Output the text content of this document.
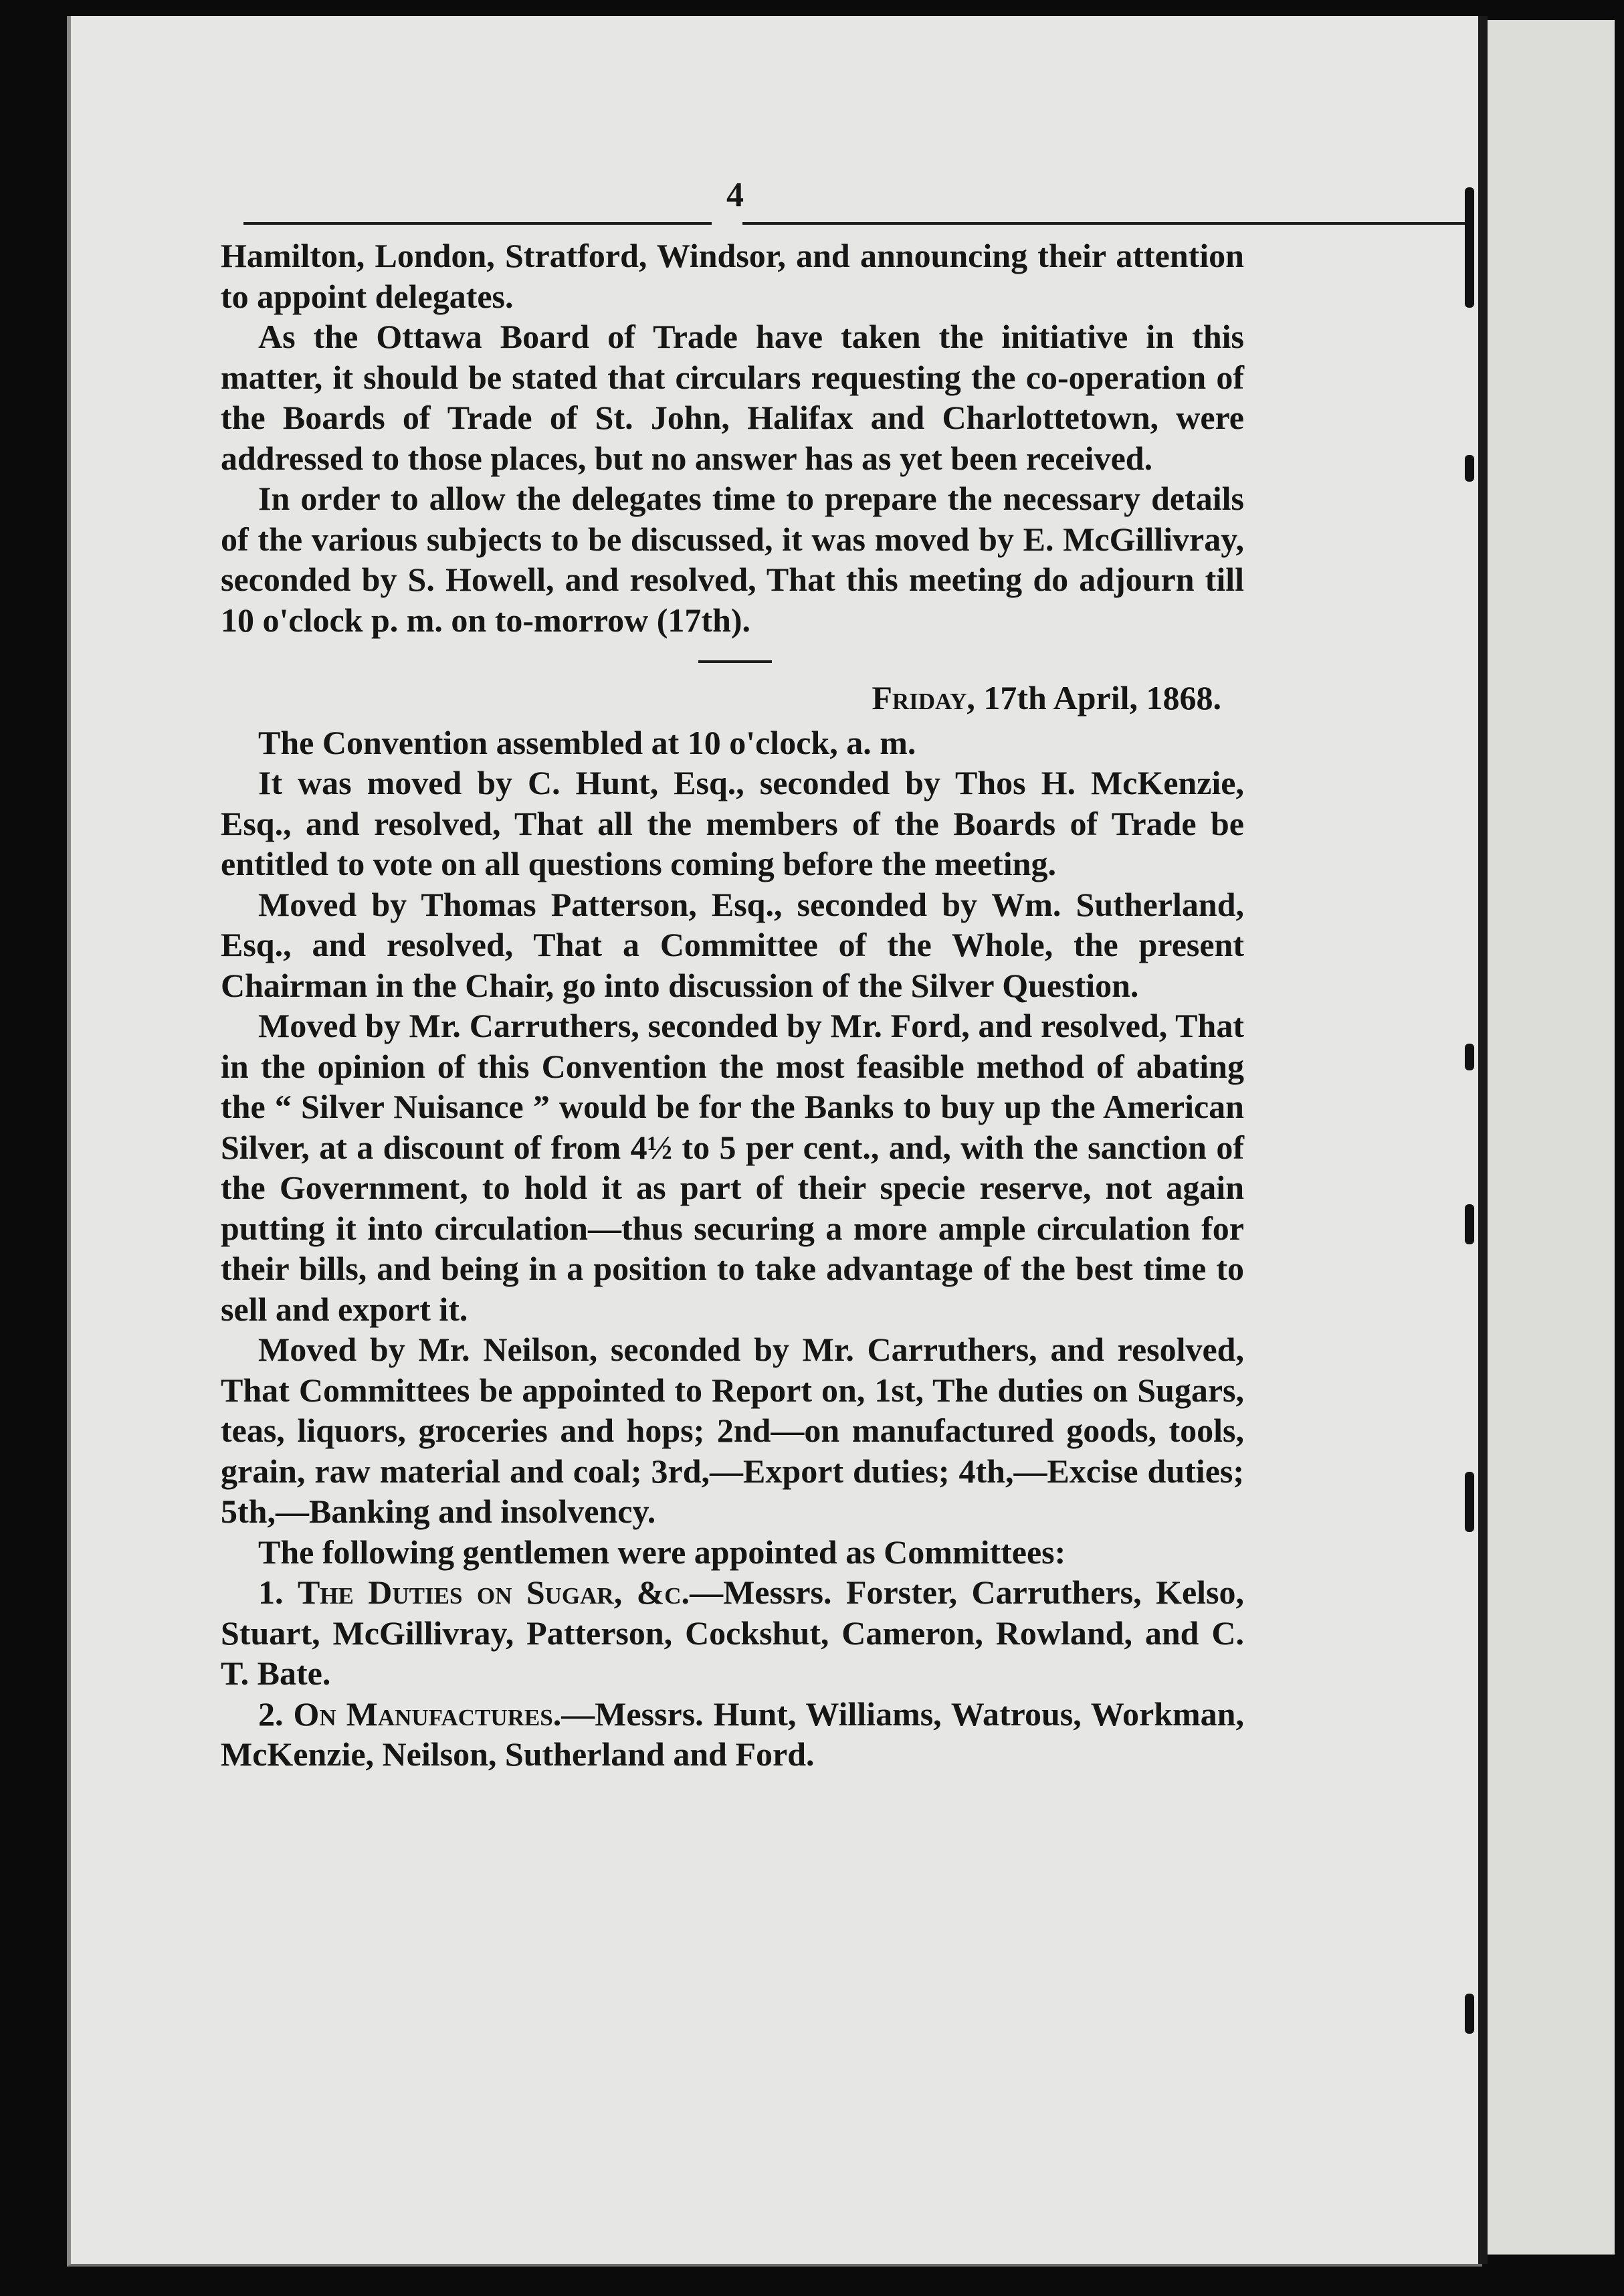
4

Hamilton, London, Stratford, Windsor, and announcing their attention to appoint delegates.

As the Ottawa Board of Trade have taken the initiative in this matter, it should be stated that circulars requesting the co-operation of the Boards of Trade of St. John, Halifax and Charlottetown, were addressed to those places, but no answer has as yet been received.

In order to allow the delegates time to prepare the necessary details of the various subjects to be discussed, it was moved by E. McGillivray, seconded by S. Howell, and resolved, That this meeting do adjourn till 10 o'clock p. m. on to-morrow (17th).

Friday, 17th April, 1868.

The Convention assembled at 10 o'clock, a. m.

It was moved by C. Hunt, Esq., seconded by Thos H. McKenzie, Esq., and resolved, That all the members of the Boards of Trade be entitled to vote on all questions coming before the meeting.

Moved by Thomas Patterson, Esq., seconded by Wm. Sutherland, Esq., and resolved, That a Committee of the Whole, the present Chairman in the Chair, go into discussion of the Silver Question.

Moved by Mr. Carruthers, seconded by Mr. Ford, and resolved, That in the opinion of this Convention the most feasible method of abating the “ Silver Nuisance ” would be for the Banks to buy up the American Silver, at a discount of from 4½ to 5 per cent., and, with the sanction of the Government, to hold it as part of their specie reserve, not again putting it into circulation—thus securing a more ample circulation for their bills, and being in a position to take advantage of the best time to sell and export it.

Moved by Mr. Neilson, seconded by Mr. Carruthers, and resolved, That Committees be appointed to Report on, 1st, The duties on Sugars, teas, liquors, groceries and hops; 2nd—on manufactured goods, tools, grain, raw material and coal; 3rd,—Export duties; 4th,—Excise duties; 5th,—Banking and insolvency.

The following gentlemen were appointed as Committees:

1. The Duties on Sugar, &c.—Messrs. Forster, Carruthers, Kelso, Stuart, McGillivray, Patterson, Cockshut, Cameron, Rowland, and C. T. Bate.

2. On Manufactures.—Messrs. Hunt, Williams, Watrous, Workman, McKenzie, Neilson, Sutherland and Ford.
